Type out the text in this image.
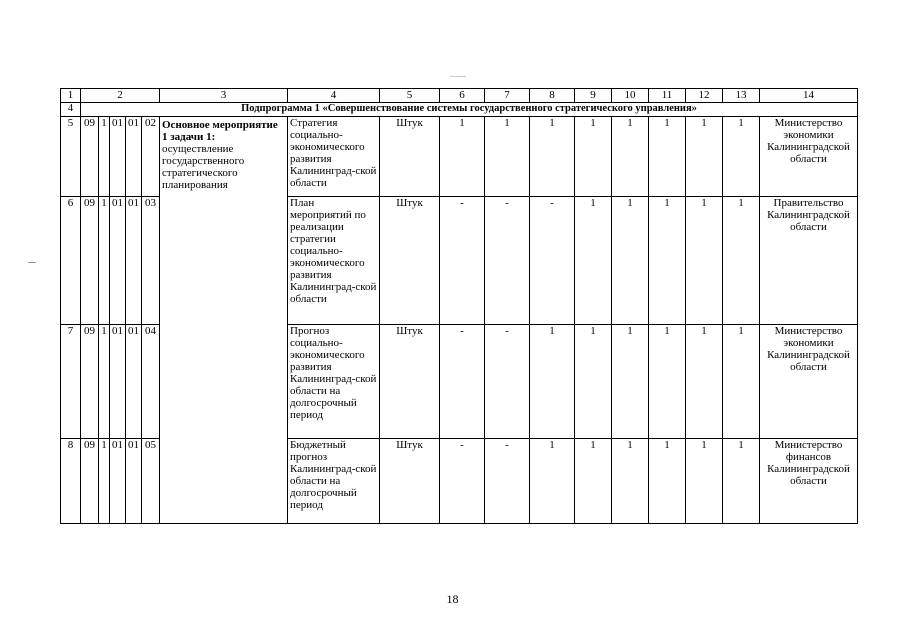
1	2					3	4	5	6	7	8	9	10	11	12	13	14
4	Подпрограмма 1 «Совершенствование системы государственного стратегического управления»																
5	09	1	01	01	02	Основное мероприятие 1 задачи 1: осуществление государственного стратегического планирования	Стратегия социально-экономического развития Калининград-ской области	Штук	1	1	1	1	1	1	1	1	Министерство экономики Калининградской области
6	09	1	01	01	03		План мероприятий по реализации стратегии социально-экономического развития Калининград-ской области	Штук	-	-	-	1	1	1	1	1	Правительство Калининградской области
7	09	1	01	01	04		Прогноз социально-экономического развития Калининград-ской области на долгосрочный период	Штук	-	-	1	1	1	1	1	1	Министерство экономики Калининградской области
8	09	1	01	01	05		Бюджетный прогноз Калининград-ской области на долгосрочный период	Штук	-	-	1	1	1	1	1	1	Министерство финансов Калининградской области
18
